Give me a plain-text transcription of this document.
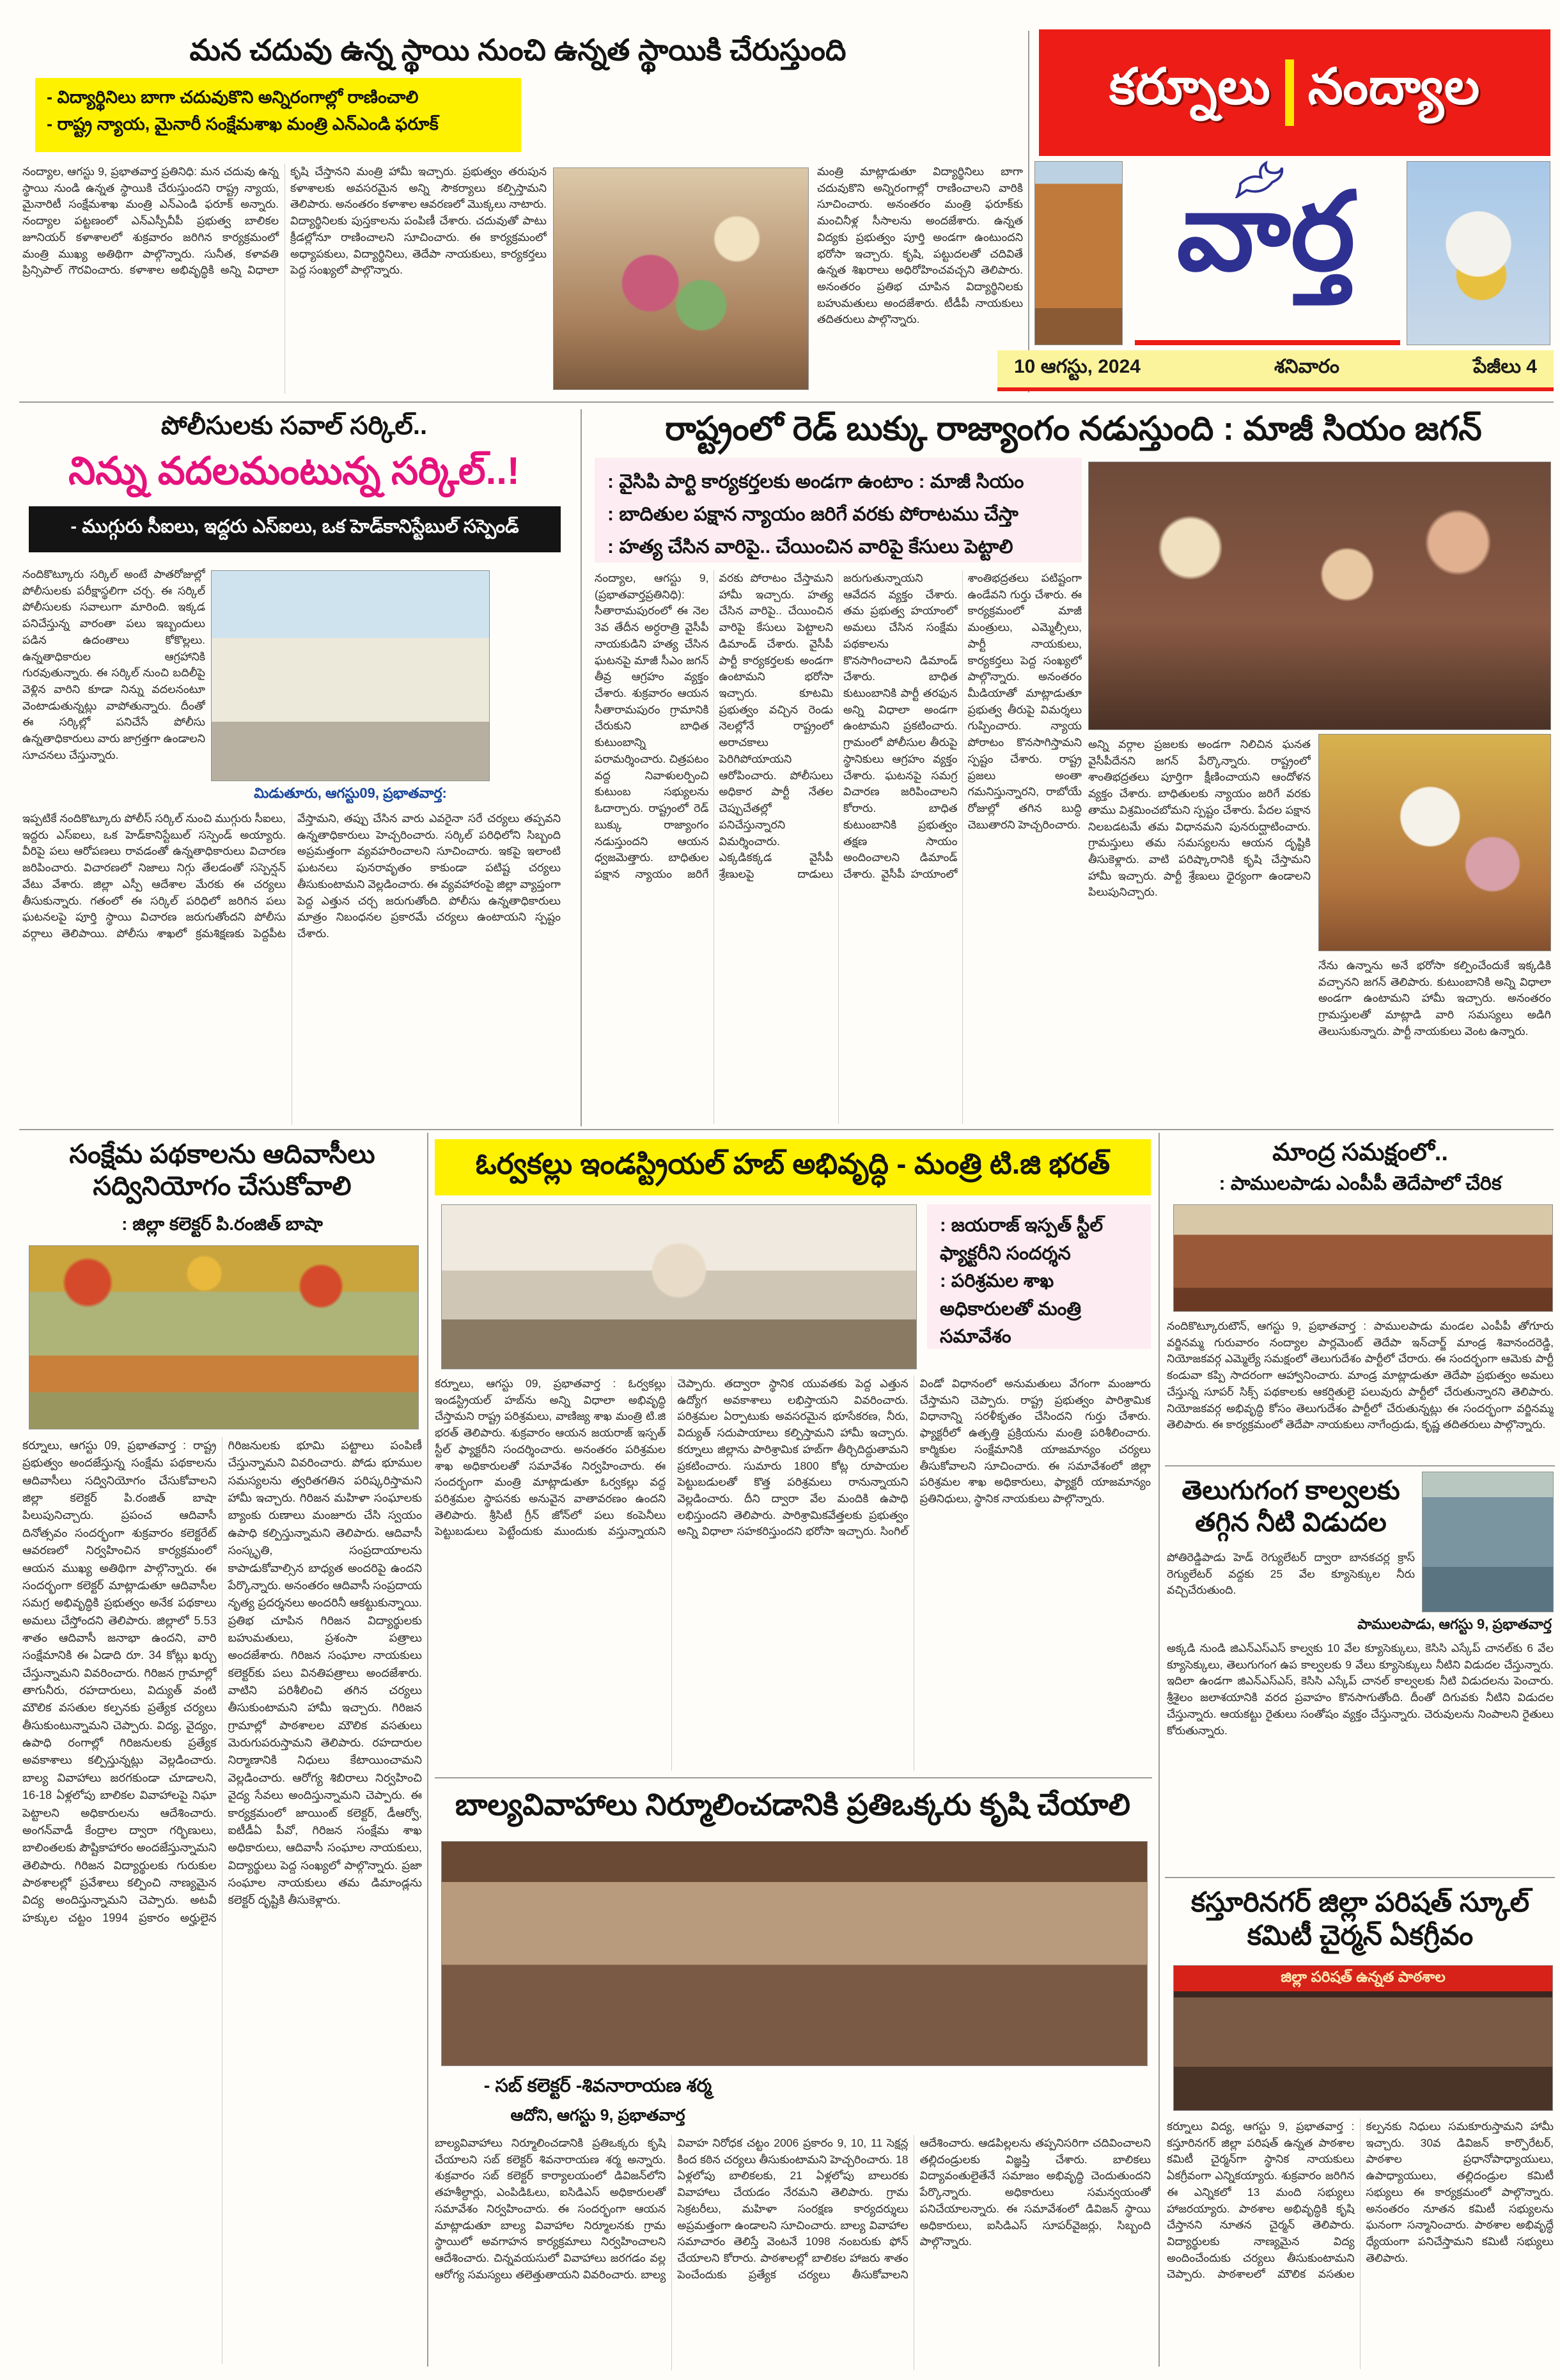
మన చదువు ఉన్న స్థాయి నుంచి ఉన్నత స్థాయికి చేరుస్తుంది
- విద్యార్థినిలు బాగా చదువుకొని అన్నిరంగాల్లో రాణించాలి
- రాష్ట్ర న్యాయ, మైనారీ సంక్షేమశాఖ మంత్రి ఎన్ఎండి ఫరూక్
నంద్యాల, ఆగస్టు 9, ప్రభాతవార్త ప్రతినిధి: మన చదువు ఉన్న స్థాయి నుండి ఉన్నత స్థాయికి చేరుస్తుందని రాష్ట్ర న్యాయ, మైనారిటీ సంక్షేమశాఖ మంత్రి ఎన్ఎండి ఫరూక్ అన్నారు. నంద్యాల పట్టణంలో ఎన్ఎస్పీవీపీ ప్రభుత్వ బాలికల జూనియర్ కళాశాలలో శుక్రవారం జరిగిన కార్యక్రమంలో మంత్రి ముఖ్య అతిథిగా పాల్గొన్నారు. సునీత, కళావతి ప్రిన్సిపాల్ గౌరవించారు. కళాశాల అభివృద్ధికి అన్ని విధాలా కృషి చేస్తానని మంత్రి హామీ ఇచ్చారు. ప్రభుత్వం తరుపున కళాశాలకు అవసరమైన అన్ని సౌకర్యాలు కల్పిస్తామని తెలిపారు. అనంతరం కళాశాల ఆవరణలో మొక్కలు నాటారు. విద్యార్థినిలకు పుస్తకాలను పంపిణీ చేశారు. చదువుతో పాటు క్రీడల్లోనూ రాణించాలని సూచించారు. ఈ కార్యక్రమంలో అధ్యాపకులు, విద్యార్థినిలు, తెదేపా నాయకులు, కార్యకర్తలు పెద్ద సంఖ్యలో పాల్గొన్నారు.
మంత్రి మాట్లాడుతూ విద్యార్థినిలు బాగా చదువుకొని అన్నిరంగాల్లో రాణించాలని వారికి సూచించారు. అనంతరం మంత్రి ఫరూక్‌కు మంచినీళ్ల సీసాలను అందజేశారు. ఉన్నత విద్యకు ప్రభుత్వం పూర్తి అండగా ఉంటుందని భరోసా ఇచ్చారు. కృషి, పట్టుదలతో చదివితే ఉన్నత శిఖరాలు అధిరోహించవచ్చని తెలిపారు. అనంతరం ప్రతిభ చూపిన విద్యార్థినిలకు బహుమతులు అందజేశారు. టీడీపీ నాయకులు తదితరులు పాల్గొన్నారు.
కర్నూలు నంద్యాల
వార్త
10 ఆగస్టు, 2024	శనివారం	పేజీలు 4
పోలీసులకు సవాల్ సర్కిల్..
నిన్ను వదలమంటున్న సర్కిల్..!
- ముగ్గురు సీఐలు, ఇద్దరు ఎస్ఐలు, ఒక హెడ్‌కానిస్టేబుల్ సస్పెండ్
నందికొట్కూరు సర్కిల్ అంటే పాతరోజుల్లో పోలీసులకు పరీక్షాస్థలిగా చర్చ. ఈ సర్కిల్ పోలీసులకు సవాలుగా మారింది. ఇక్కడ పనిచేస్తున్న వారంతా పలు ఇబ్బందులు పడిన ఉదంతాలు కోకొల్లలు. ఉన్నతాధికారుల ఆగ్రహానికి గురవుతున్నారు. ఈ సర్కిల్ నుంచి బదిలీపై వెళ్లిన వారిని కూడా నిన్ను వదలనంటూ వెంటాడుతున్నట్లు వాపోతున్నారు. దీంతో ఈ సర్కిల్లో పనిచేసే పోలీసు ఉన్నతాధికారులు వారు జాగ్రత్తగా ఉండాలని సూచనలు చేస్తున్నారు.
మిడుతూరు, ఆగస్టు09, ప్రభాతవార్త:
ఇప్పటికే నందికొట్కూరు పోలీస్ సర్కిల్ నుంచి ముగ్గురు సీఐలు, ఇద్దరు ఎస్ఐలు, ఒక హెడ్‌కానిస్టేబుల్ సస్పెండ్ అయ్యారు. వీరిపై పలు ఆరోపణలు రావడంతో ఉన్నతాధికారులు విచారణ జరిపించారు. విచారణలో నిజాలు నిగ్గు తేలడంతో సస్పెన్షన్ వేటు వేశారు. జిల్లా ఎస్పీ ఆదేశాల మేరకు ఈ చర్యలు తీసుకున్నారు. గతంలో ఈ సర్కిల్ పరిధిలో జరిగిన పలు ఘటనలపై పూర్తి స్థాయి విచారణ జరుగుతోందని పోలీసు వర్గాలు తెలిపాయి. పోలీసు శాఖలో క్రమశిక్షణకు పెద్దపీట వేస్తామని, తప్పు చేసిన వారు ఎవరైనా సరే చర్యలు తప్పవని ఉన్నతాధికారులు హెచ్చరించారు. సర్కిల్ పరిధిలోని సిబ్బంది అప్రమత్తంగా వ్యవహరించాలని సూచించారు. ఇకపై ఇలాంటి ఘటనలు పునరావృతం కాకుండా పటిష్ట చర్యలు తీసుకుంటామని వెల్లడించారు. ఈ వ్యవహారంపై జిల్లా వ్యాప్తంగా పెద్ద ఎత్తున చర్చ జరుగుతోంది. పోలీసు ఉన్నతాధికారులు మాత్రం నిబంధనల ప్రకారమే చర్యలు ఉంటాయని స్పష్టం చేశారు.
రాష్ట్రంలో రెడ్ బుక్కు రాజ్యాంగం నడుస్తుంది : మాజీ సియం జగన్
: వైసిపి పార్టి కార్యకర్తలకు అండగా ఉంటాం : మాజీ సియం
: బాదితుల పక్షాన న్యాయం జరిగే వరకు పోరాటము చేస్తా
: హత్య చేసిన వారిపై.. చేయించిన వారిపై కేసులు పెట్టాలి
నంద్యాల, ఆగస్టు 9, (ప్రభాతవార్తప్రతినిధి): సీతారామపురంలో ఈ నెల 3వ తేదీన అర్ధరాత్రి వైసీపీ నాయకుడిని హత్య చేసిన ఘటనపై మాజీ సీఎం జగన్ తీవ్ర ఆగ్రహం వ్యక్తం చేశారు. శుక్రవారం ఆయన సీతారామపురం గ్రామానికి చేరుకుని బాధిత కుటుంబాన్ని పరామర్శించారు. చిత్రపటం వద్ద నివాళులర్పించి కుటుంబ సభ్యులను ఓదార్చారు. రాష్ట్రంలో రెడ్ బుక్కు రాజ్యాంగం నడుస్తుందని ఆయన ధ్వజమెత్తారు. బాధితుల పక్షాన న్యాయం జరిగే వరకు పోరాటం చేస్తామని హామీ ఇచ్చారు. హత్య చేసిన వారిపై.. చేయించిన వారిపై కేసులు పెట్టాలని డిమాండ్ చేశారు. వైసీపీ పార్టీ కార్యకర్తలకు అండగా ఉంటామని భరోసా ఇచ్చారు. కూటమి ప్రభుత్వం వచ్చిన రెండు నెలల్లోనే రాష్ట్రంలో అరాచకాలు పెరిగిపోయాయని ఆరోపించారు. పోలీసులు అధికార పార్టీ నేతల చెప్పుచేతల్లో పనిచేస్తున్నారని విమర్శించారు. ఎక్కడికక్కడ వైసీపీ శ్రేణులపై దాడులు జరుగుతున్నాయని ఆవేదన వ్యక్తం చేశారు. తమ ప్రభుత్వ హయాంలో అమలు చేసిన సంక్షేమ పథకాలను కొనసాగించాలని డిమాండ్ చేశారు. బాధిత కుటుంబానికి పార్టీ తరఫున అన్ని విధాలా అండగా ఉంటామని ప్రకటించారు. గ్రామంలో పోలీసుల తీరుపై స్థానికులు ఆగ్రహం వ్యక్తం చేశారు. ఘటనపై సమగ్ర విచారణ జరిపించాలని కోరారు. బాధిత కుటుంబానికి ప్రభుత్వం తక్షణ సాయం అందించాలని డిమాండ్ చేశారు. వైసీపీ హయాంలో శాంతిభద్రతలు పటిష్టంగా ఉండేవని గుర్తు చేశారు. ఈ కార్యక్రమంలో మాజీ మంత్రులు, ఎమ్మెల్సీలు, పార్టీ నాయకులు, కార్యకర్తలు పెద్ద సంఖ్యలో పాల్గొన్నారు. అనంతరం మీడియాతో మాట్లాడుతూ ప్రభుత్వ తీరుపై విమర్శలు గుప్పించారు. న్యాయ పోరాటం కొనసాగిస్తామని స్పష్టం చేశారు. రాష్ట్ర ప్రజలు అంతా గమనిస్తున్నారని, రాబోయే రోజుల్లో తగిన బుద్ధి చెబుతారని హెచ్చరించారు.
అన్ని వర్గాల ప్రజలకు అండగా నిలిచిన ఘనత వైసీపీదేనని జగన్ పేర్కొన్నారు. రాష్ట్రంలో శాంతిభద్రతలు పూర్తిగా క్షీణించాయని ఆందోళన వ్యక్తం చేశారు. బాధితులకు న్యాయం జరిగే వరకు తాము విశ్రమించబోమని స్పష్టం చేశారు. పేదల పక్షాన నిలబడటమే తమ విధానమని పునరుద్ఘాటించారు. గ్రామస్తులు తమ సమస్యలను ఆయన దృష్టికి తీసుకెళ్లారు. వాటి పరిష్కారానికి కృషి చేస్తామని హామీ ఇచ్చారు. పార్టీ శ్రేణులు ధైర్యంగా ఉండాలని పిలుపునిచ్చారు.
నేను ఉన్నాను అనే భరోసా కల్పించేందుకే ఇక్కడికి వచ్చానని జగన్ తెలిపారు. కుటుంబానికి అన్ని విధాలా అండగా ఉంటామని హామీ ఇచ్చారు. అనంతరం గ్రామస్తులతో మాట్లాడి వారి సమస్యలు అడిగి తెలుసుకున్నారు. పార్టీ నాయకులు వెంట ఉన్నారు.
సంక్షేమ పథకాలను ఆదివాసీలు సద్వినియోగం చేసుకోవాలి
: జిల్లా కలెక్టర్ పి.రంజిత్ బాషా
కర్నూలు, ఆగస్టు 09, ప్రభాతవార్త : రాష్ట్ర ప్రభుత్వం అందజేస్తున్న సంక్షేమ పథకాలను ఆదివాసీలు సద్వినియోగం చేసుకోవాలని జిల్లా కలెక్టర్ పి.రంజిత్ బాషా పిలుపునిచ్చారు. ప్రపంచ ఆదివాసీ దినోత్సవం సందర్భంగా శుక్రవారం కలెక్టరేట్ ఆవరణలో నిర్వహించిన కార్యక్రమంలో ఆయన ముఖ్య అతిథిగా పాల్గొన్నారు. ఈ సందర్భంగా కలెక్టర్ మాట్లాడుతూ ఆదివాసీల సమగ్ర అభివృద్ధికి ప్రభుత్వం అనేక పథకాలు అమలు చేస్తోందని తెలిపారు. జిల్లాలో 5.53 శాతం ఆదివాసీ జనాభా ఉందని, వారి సంక్షేమానికి ఈ ఏడాది రూ. 34 కోట్లు ఖర్చు చేస్తున్నామని వివరించారు. గిరిజన గ్రామాల్లో తాగునీరు, రహదారులు, విద్యుత్ వంటి మౌలిక వసతుల కల్పనకు ప్రత్యేక చర్యలు తీసుకుంటున్నామని చెప్పారు. విద్య, వైద్యం, ఉపాధి రంగాల్లో గిరిజనులకు ప్రత్యేక అవకాశాలు కల్పిస్తున్నట్లు వెల్లడించారు. బాల్య వివాహాలు జరగకుండా చూడాలని, 16-18 ఏళ్లలోపు బాలికల వివాహాలపై నిఘా పెట్టాలని అధికారులను ఆదేశించారు. అంగన్‌వాడీ కేంద్రాల ద్వారా గర్భిణులు, బాలింతలకు పౌష్టికాహారం అందజేస్తున్నామని తెలిపారు. గిరిజన విద్యార్థులకు గురుకుల పాఠశాలల్లో ప్రవేశాలు కల్పించి నాణ్యమైన విద్య అందిస్తున్నామని చెప్పారు. అటవీ హక్కుల చట్టం 1994 ప్రకారం అర్హులైన గిరిజనులకు భూమి పట్టాలు పంపిణీ చేస్తున్నామని వివరించారు. పోడు భూముల సమస్యలను త్వరితగతిన పరిష్కరిస్తామని హామీ ఇచ్చారు. గిరిజన మహిళా సంఘాలకు బ్యాంకు రుణాలు మంజూరు చేసి స్వయం ఉపాధి కల్పిస్తున్నామని తెలిపారు. ఆదివాసీ సంస్కృతి, సంప్రదాయాలను కాపాడుకోవాల్సిన బాధ్యత అందరిపై ఉందని పేర్కొన్నారు. అనంతరం ఆదివాసీ సంప్రదాయ నృత్య ప్రదర్శనలు అందరినీ ఆకట్టుకున్నాయి. ప్రతిభ చూపిన గిరిజన విద్యార్థులకు బహుమతులు, ప్రశంసా పత్రాలు అందజేశారు. గిరిజన సంఘాల నాయకులు కలెక్టర్‌కు పలు వినతిపత్రాలు అందజేశారు. వాటిని పరిశీలించి తగిన చర్యలు తీసుకుంటామని హామీ ఇచ్చారు. గిరిజన గ్రామాల్లో పాఠశాలల మౌలిక వసతులు మెరుగుపరుస్తామని తెలిపారు. రహదారుల నిర్మాణానికి నిధులు కేటాయించామని వెల్లడించారు. ఆరోగ్య శిబిరాలు నిర్వహించి వైద్య సేవలు అందిస్తున్నామని చెప్పారు. ఈ కార్యక్రమంలో జాయింట్ కలెక్టర్, డీఆర్వో, ఐటీడీఏ పీవో, గిరిజన సంక్షేమ శాఖ అధికారులు, ఆదివాసీ సంఘాల నాయకులు, విద్యార్థులు పెద్ద సంఖ్యలో పాల్గొన్నారు. ప్రజా సంఘాల నాయకులు తమ డిమాండ్లను కలెక్టర్ దృష్టికి తీసుకెళ్లారు.
ఓర్వకల్లు ఇండస్ట్రియల్ హబ్ అభివృద్ధి - మంత్రి టి.జి భరత్
: జయరాజ్ ఇస్పత్ స్టీల్ ఫ్యాక్టరీని సందర్శన
: పరిశ్రమల శాఖ అధికారులతో మంత్రి సమావేశం
కర్నూలు, ఆగస్టు 09, ప్రభాతవార్త : ఓర్వకల్లు ఇండస్ట్రియల్ హబ్‌ను అన్ని విధాలా అభివృద్ధి చేస్తామని రాష్ట్ర పరిశ్రమలు, వాణిజ్య శాఖ మంత్రి టి.జి భరత్ తెలిపారు. శుక్రవారం ఆయన జయరాజ్ ఇస్పత్ స్టీల్ ఫ్యాక్టరీని సందర్శించారు. అనంతరం పరిశ్రమల శాఖ అధికారులతో సమావేశం నిర్వహించారు. ఈ సందర్భంగా మంత్రి మాట్లాడుతూ ఓర్వకల్లు వద్ద పరిశ్రమల స్థాపనకు అనువైన వాతావరణం ఉందని తెలిపారు. శ్రీసిటీ గ్రీన్ జోన్‌లో పలు కంపెనీలు పెట్టుబడులు పెట్టేందుకు ముందుకు వస్తున్నాయని చెప్పారు. తద్వారా స్థానిక యువతకు పెద్ద ఎత్తున ఉద్యోగ అవకాశాలు లభిస్తాయని వివరించారు. పరిశ్రమల ఏర్పాటుకు అవసరమైన భూసేకరణ, నీరు, విద్యుత్ సదుపాయాలు కల్పిస్తామని హామీ ఇచ్చారు. కర్నూలు జిల్లాను పారిశ్రామిక హబ్‌గా తీర్చిదిద్దుతామని ప్రకటించారు. సుమారు 1800 కోట్ల రూపాయల పెట్టుబడులతో కొత్త పరిశ్రమలు రానున్నాయని వెల్లడించారు. దీని ద్వారా వేల మందికి ఉపాధి లభిస్తుందని తెలిపారు. పారిశ్రామికవేత్తలకు ప్రభుత్వం అన్ని విధాలా సహకరిస్తుందని భరోసా ఇచ్చారు. సింగిల్ విండో విధానంలో అనుమతులు వేగంగా మంజూరు చేస్తామని చెప్పారు. రాష్ట్ర ప్రభుత్వం పారిశ్రామిక విధానాన్ని సరళీకృతం చేసిందని గుర్తు చేశారు. ఫ్యాక్టరీలో ఉత్పత్తి ప్రక్రియను మంత్రి పరిశీలించారు. కార్మికుల సంక్షేమానికి యాజమాన్యం చర్యలు తీసుకోవాలని సూచించారు. ఈ సమావేశంలో జిల్లా పరిశ్రమల శాఖ అధికారులు, ఫ్యాక్టరీ యాజమాన్యం ప్రతినిధులు, స్థానిక నాయకులు పాల్గొన్నారు.
బాల్యవివాహాలు నిర్మూలించడానికి ప్రతిఒక్కరు కృషి చేయాలి
- సబ్ కలెక్టర్ -శివనారాయణ శర్మ
ఆదోని, ఆగస్టు 9, ప్రభాతవార్త
బాల్యవివాహాలు నిర్మూలించడానికి ప్రతిఒక్కరు కృషి చేయాలని సబ్ కలెక్టర్ శివనారాయణ శర్మ అన్నారు. శుక్రవారం సబ్ కలెక్టర్ కార్యాలయంలో డివిజన్‌లోని తహశీల్దార్లు, ఎంపిడిఓలు, ఐసిడిఎస్ అధికారులతో సమావేశం నిర్వహించారు. ఈ సందర్భంగా ఆయన మాట్లాడుతూ బాల్య వివాహాల నిర్మూలనకు గ్రామ స్థాయిలో అవగాహన కార్యక్రమాలు నిర్వహించాలని ఆదేశించారు. చిన్నవయసులో వివాహాలు జరగడం వల్ల ఆరోగ్య సమస్యలు తలెత్తుతాయని వివరించారు. బాల్య వివాహ నిరోధక చట్టం 2006 ప్రకారం 9, 10, 11 సెక్షన్ల కింద కఠిన చర్యలు తీసుకుంటామని హెచ్చరించారు. 18 ఏళ్లలోపు బాలికలకు, 21 ఏళ్లలోపు బాలురకు వివాహాలు చేయడం నేరమని తెలిపారు. గ్రామ సెక్రటరీలు, మహిళా సంరక్షణ కార్యదర్శులు అప్రమత్తంగా ఉండాలని సూచించారు. బాల్య వివాహాల సమాచారం తెలిస్తే వెంటనే 1098 నంబరుకు ఫోన్ చేయాలని కోరారు. పాఠశాలల్లో బాలికల హాజరు శాతం పెంచేందుకు ప్రత్యేక చర్యలు తీసుకోవాలని ఆదేశించారు. ఆడపిల్లలను తప్పనిసరిగా చదివించాలని తల్లిదండ్రులకు విజ్ఞప్తి చేశారు. బాలికలు విద్యావంతులైతేనే సమాజం అభివృద్ధి చెందుతుందని పేర్కొన్నారు. అధికారులు సమన్వయంతో పనిచేయాలన్నారు. ఈ సమావేశంలో డివిజన్ స్థాయి అధికారులు, ఐసిడిఎస్ సూపర్‌వైజర్లు, సిబ్బంది పాల్గొన్నారు.
మాంద్ర సమక్షంలో..
: పాములపాడు ఎంపీపీ తెదేపాలో చేరిక
నందికొట్కూరుటౌన్, ఆగస్టు 9, ప్రభాతవార్త : పాములపాడు మండల ఎంపీపీ తోగూరు వర్జినమ్మ గురువారం నంద్యాల పార్లమెంట్ తెదేపా ఇన్‌చార్జ్ మాండ్ర శివానందరెడ్డి, నియోజకవర్గ ఎమ్మెల్యే సమక్షంలో తెలుగుదేశం పార్టీలో చేరారు. ఈ సందర్భంగా ఆమెకు పార్టీ కండువా కప్పి సాదరంగా ఆహ్వానించారు. మాండ్ర మాట్లాడుతూ తెదేపా ప్రభుత్వం అమలు చేస్తున్న సూపర్ సిక్స్ పథకాలకు ఆకర్షితులై పలువురు పార్టీలో చేరుతున్నారని తెలిపారు. నియోజకవర్గ అభివృద్ధి కోసం తెలుగుదేశం పార్టీలో చేరుతున్నట్లు ఈ సందర్భంగా వర్జినమ్మ తెలిపారు. ఈ కార్యక్రమంలో తెదేపా నాయకులు నాగేంద్రుడు, కృష్ణ తదితరులు పాల్గొన్నారు.
తెలుగుగంగ కాల్వలకు తగ్గిన నీటి విడుదల
పాములపాడు, ఆగస్టు 9, ప్రభాతవార్త
పోతిరెడ్డిపాడు హెడ్ రెగ్యులేటర్ ద్వారా బానకచర్ల క్రాస్ రెగ్యులేటర్ వద్దకు 25 వేల క్యూసెక్కుల నీరు వచ్చిచేరుతుంది.
అక్కడి నుండి జిఎన్ఎస్ఎస్ కాల్వకు 10 వేల క్యూసెక్కులు, కెసిసి ఎస్కేప్ చానల్‌కు 6 వేల క్యూసెక్కులు, తెలుగుగంగ ఉప కాల్వలకు 9 వేలు క్యూసెక్కులు నీటిని విడుదల చేస్తున్నారు. ఇదిలా ఉండగా జిఎన్ఎస్ఎస్, కెసిసి ఎస్కేప్ చానల్ కాల్వలకు నీటి విడుదలను పెంచారు. శ్రీశైలం జలాశయానికి వరద ప్రవాహం కొనసాగుతోంది. దీంతో దిగువకు నీటిని విడుదల చేస్తున్నారు. ఆయకట్టు రైతులు సంతోషం వ్యక్తం చేస్తున్నారు. చెరువులను నింపాలని రైతులు కోరుతున్నారు.
కస్తూరినగర్ జిల్లా పరిషత్ స్కూల్ కమిటీ చైర్మన్ ఏకగ్రీవం
జిల్లా పరిషత్ ఉన్నత పాఠశాల
కర్నూలు విద్య, ఆగస్టు 9, ప్రభాతవార్త : కస్తూరినగర్ జిల్లా పరిషత్ ఉన్నత పాఠశాల కమిటీ చైర్మన్‌గా స్థానిక నాయకులు ఏకగ్రీవంగా ఎన్నికయ్యారు. శుక్రవారం జరిగిన ఈ ఎన్నికలో 13 మంది సభ్యులు హాజరయ్యారు. పాఠశాల అభివృద్ధికి కృషి చేస్తానని నూతన చైర్మన్ తెలిపారు. విద్యార్థులకు నాణ్యమైన విద్య అందించేందుకు చర్యలు తీసుకుంటామని చెప్పారు. పాఠశాలలో మౌలిక వసతుల కల్పనకు నిధులు సమకూరుస్తామని హామీ ఇచ్చారు. 30వ డివిజన్ కార్పొరేటర్, పాఠశాల ప్రధానోపాధ్యాయులు, ఉపాధ్యాయులు, తల్లిదండ్రుల కమిటీ సభ్యులు ఈ కార్యక్రమంలో పాల్గొన్నారు. అనంతరం నూతన కమిటీ సభ్యులను ఘనంగా సన్మానించారు. పాఠశాల అభివృద్ధే ధ్యేయంగా పనిచేస్తామని కమిటీ సభ్యులు తెలిపారు.
